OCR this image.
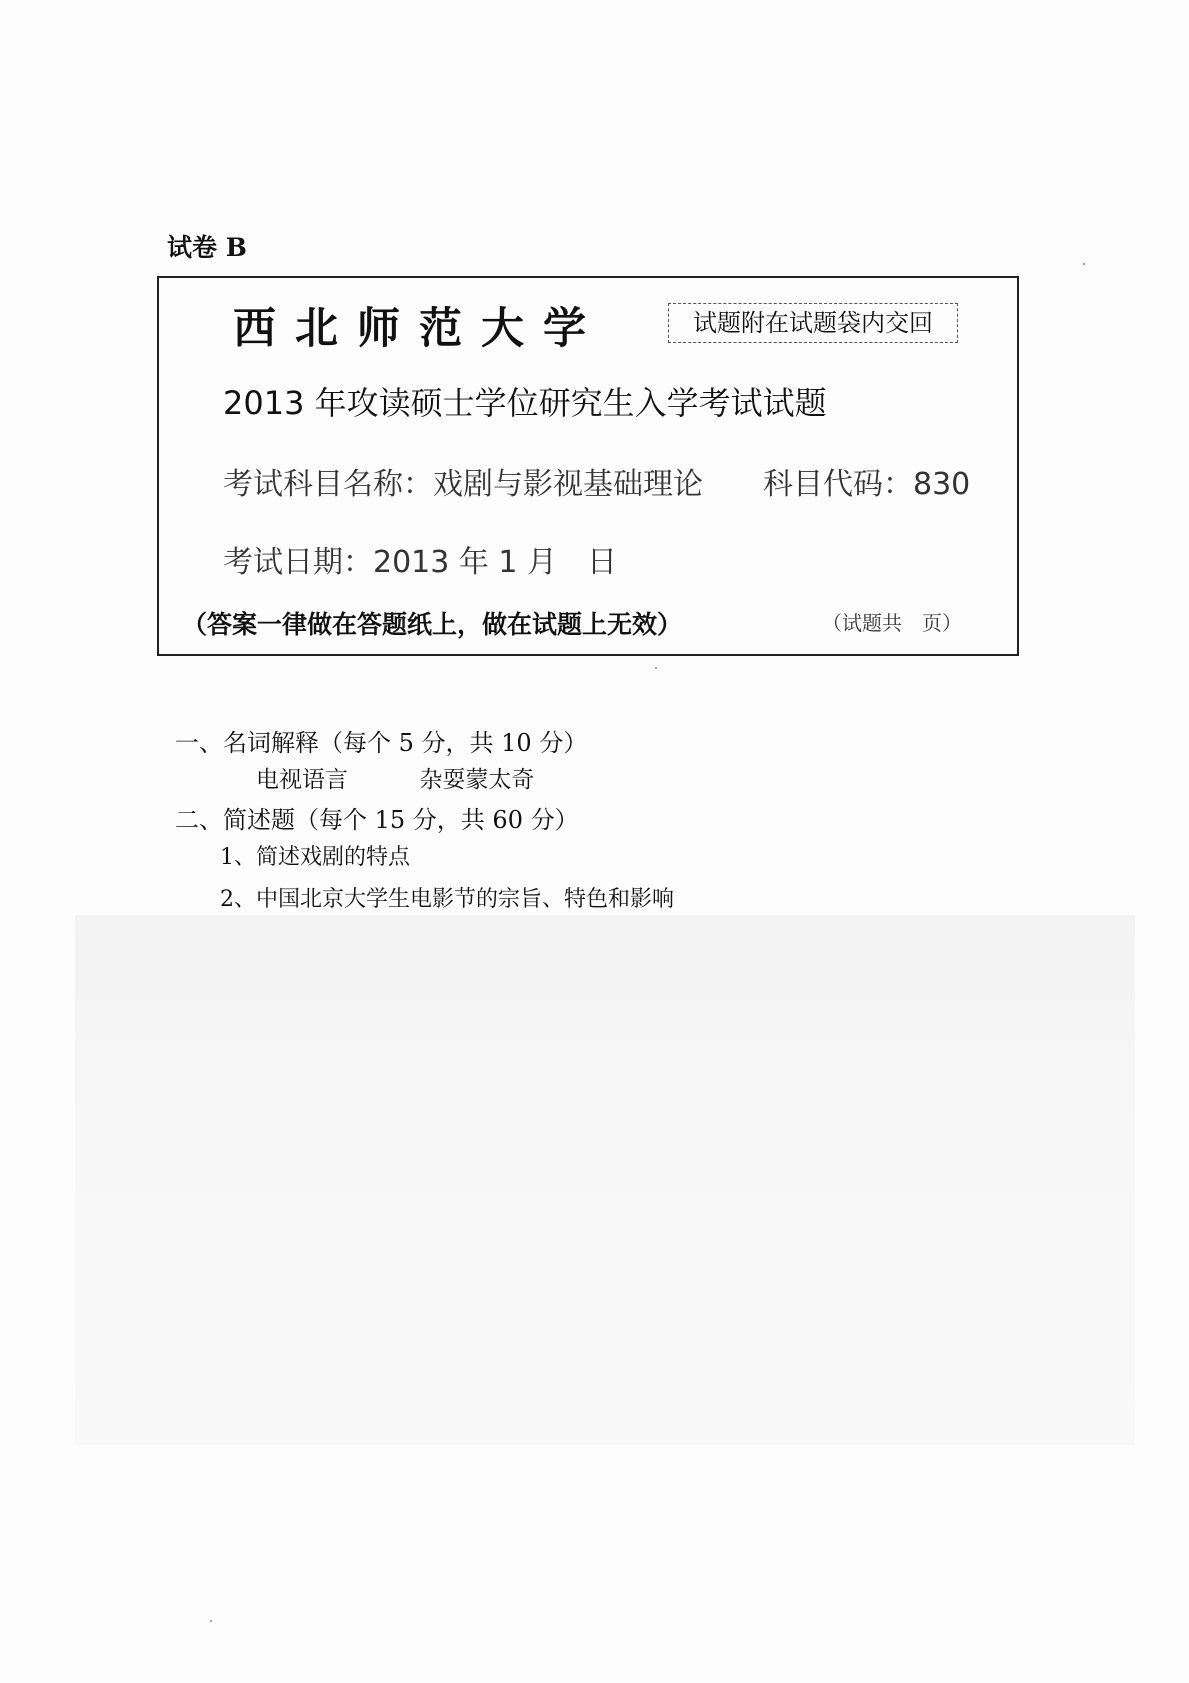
试卷 B
西北师范大学	试题附在试题袋内交回
2013 年攻读硕士学位研究生入学考试试题
考试科目名称：戏剧与影视基础理论 科目代码：830
考试日期：2013 年 1 月　日
（答案一律做在答题纸上，做在试题上无效）	（试题共　页）
一、名词解释（每个 5 分，共 10 分）
电视语言	杂耍蒙太奇
二、简述题（每个 15 分，共 60 分）
1、简述戏剧的特点
2、中国北京大学生电影节的宗旨、特色和影响
